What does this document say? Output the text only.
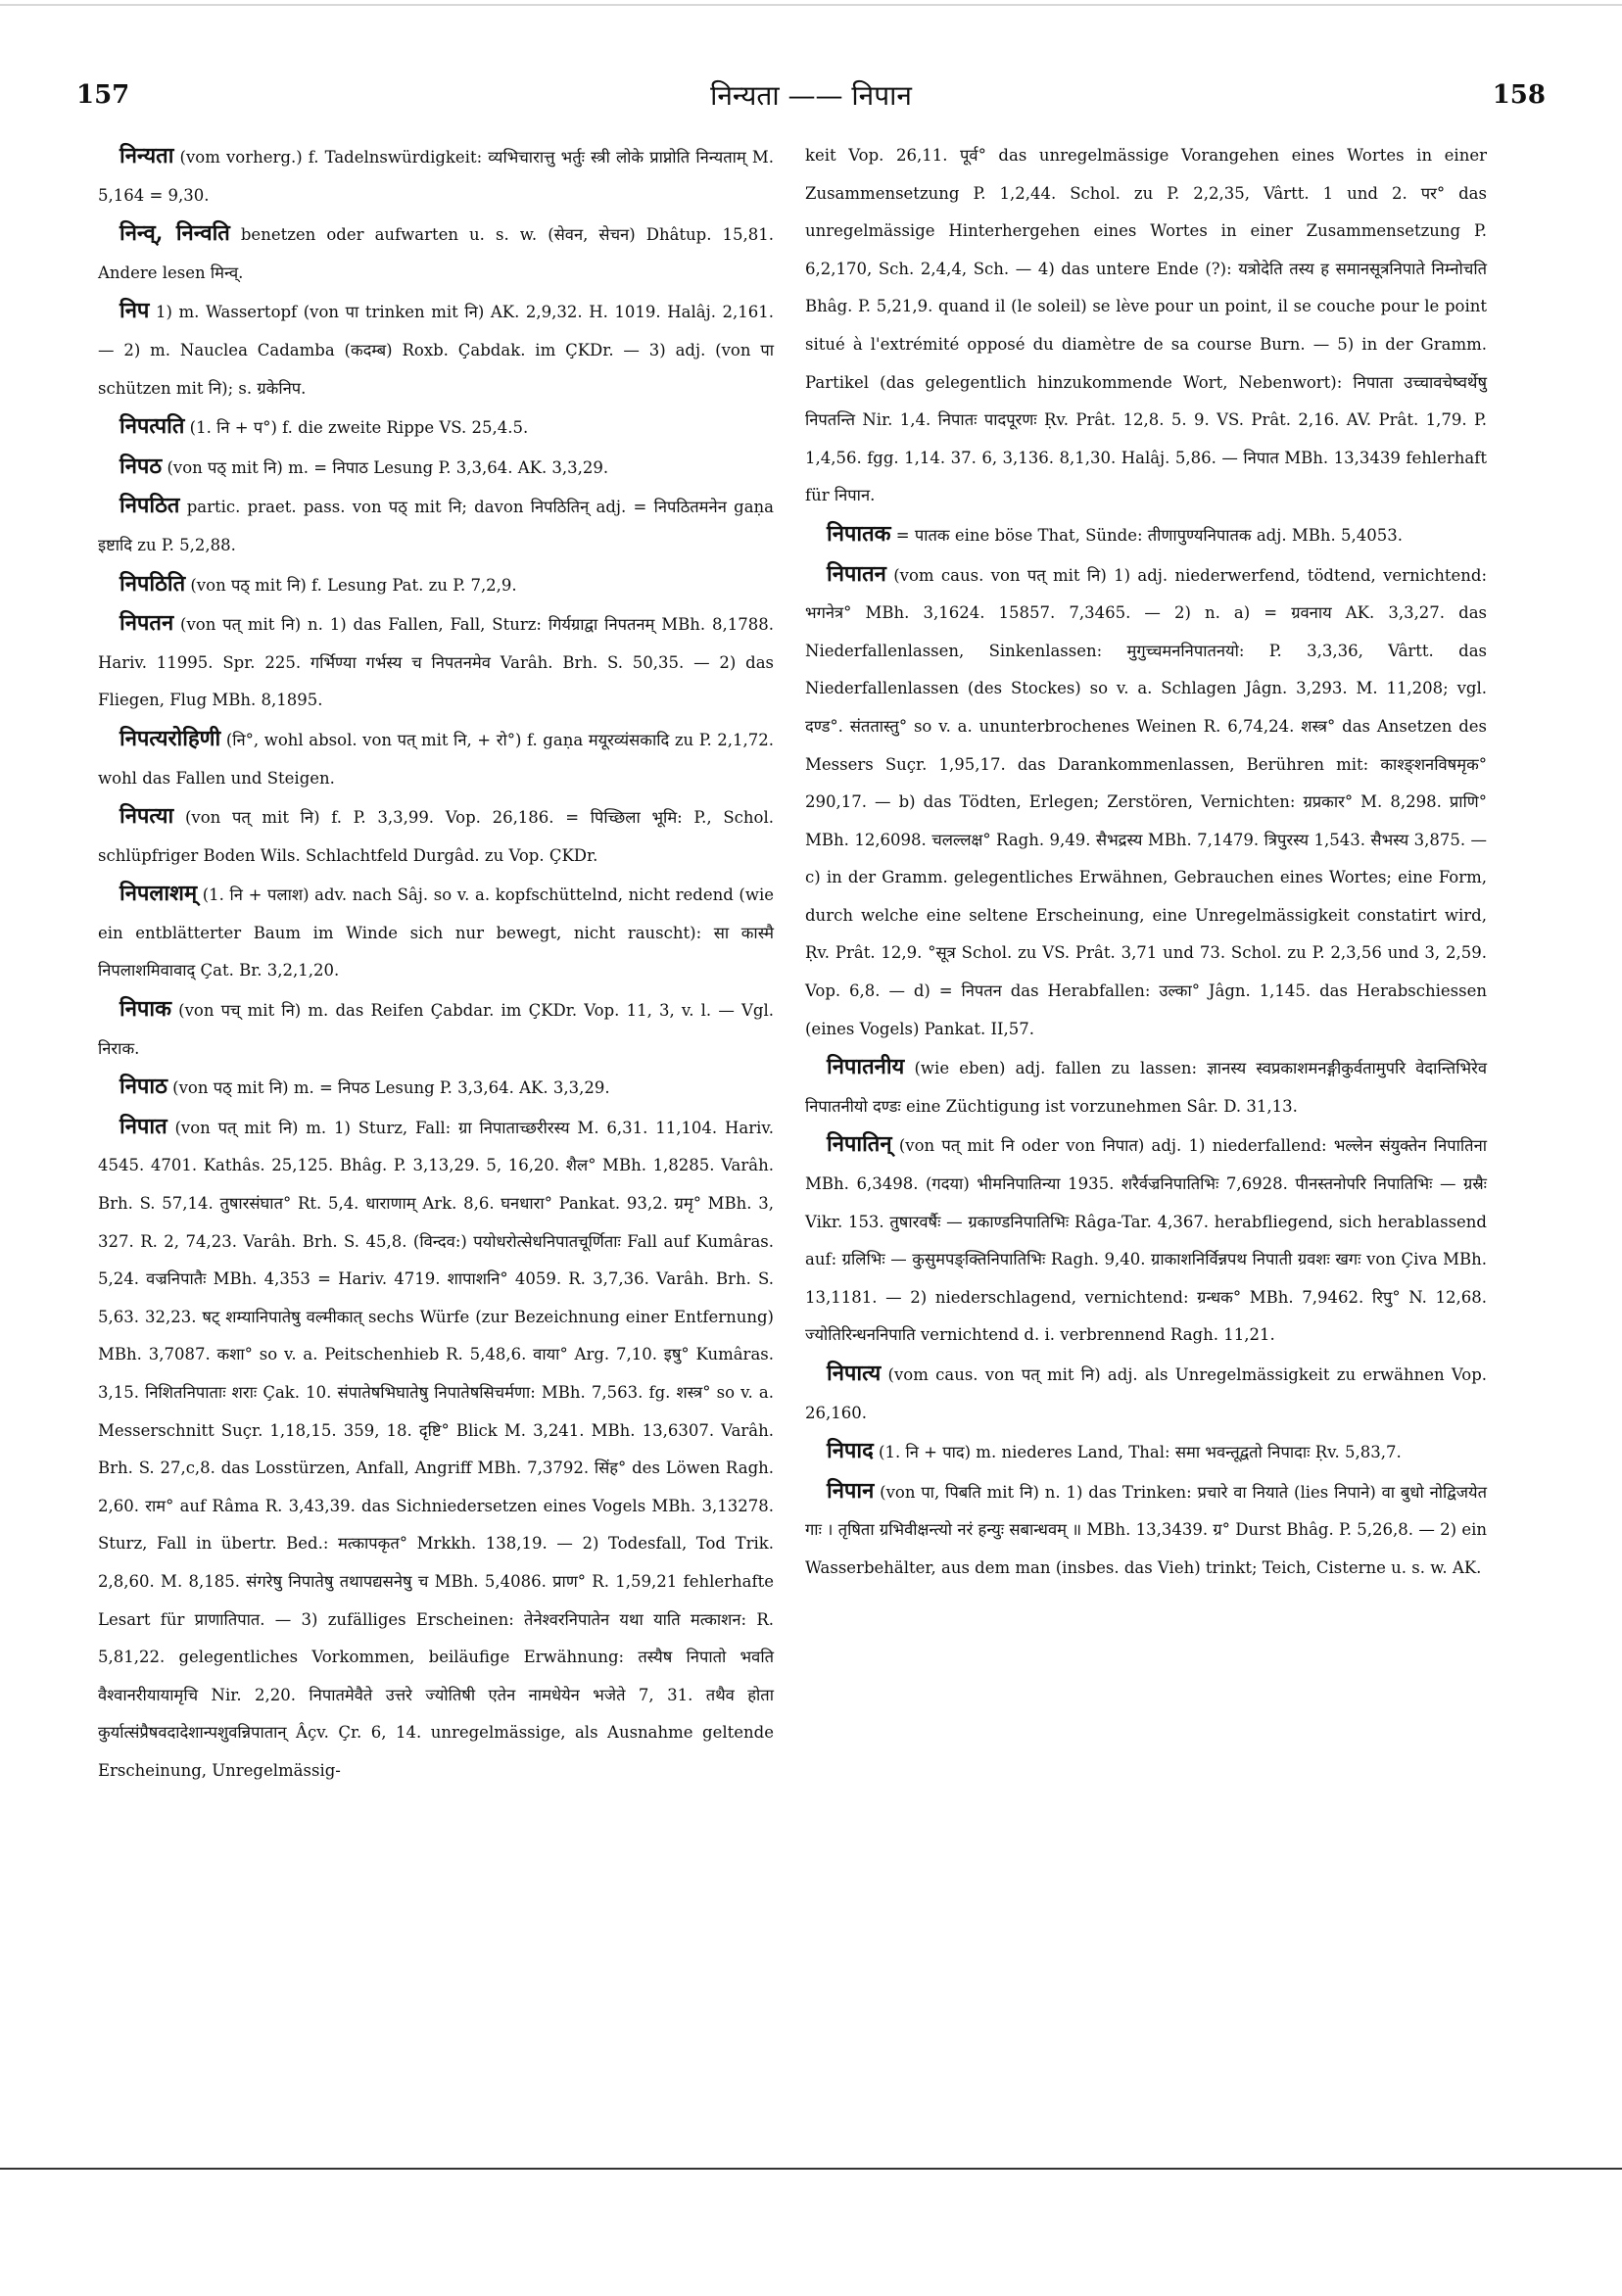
157	निन्यता —— निपान	158

निन्यता (vom vorherg.) f. Tadelnswürdigkeit: व्यभिचारात्तु भर्तुः स्त्री लोके प्राप्नोति निन्यताम् M. 5,164 = 9,30.

निन्व्, निन्वति benetzen oder aufwarten u. s. w. (सेवन, सेचन) Dhâtup. 15,81. Andere lesen मिन्व्.

निप 1) m. Wassertopf (von पा trinken mit नि) AK. 2,9,32. H. 1019. Halâj. 2,161. — 2) m. Nauclea Cadamba (कदम्ब) Roxb. Çabdak. im ÇKDr. — 3) adj. (von पा schützen mit नि); s. ग्रकेनिप.

निपत्पति (1. नि + प°) f. die zweite Rippe VS. 25,4.5.

निपठ (von पठ् mit नि) m. = निपाठ Lesung P. 3,3,64. AK. 3,3,29.

निपठित partic. praet. pass. von पठ् mit नि; davon निपठितिन् adj. = निपठितमनेन gaṇa इष्टादि zu P. 5,2,88.

निपठिति (von पठ् mit नि) f. Lesung Pat. zu P. 7,2,9.

निपतन (von पत् mit नि) n. 1) das Fallen, Fall, Sturz: गिर्यग्राद्वा निपतनम् MBh. 8,1788. Hariv. 11995. Spr. 225. गर्भिण्या गर्भस्य च निपतनमेव Varâh. Brh. S. 50,35. — 2) das Fliegen, Flug MBh. 8,1895.

निपत्यरोहिणी (नि°, wohl absol. von पत् mit नि, + रो°) f. gaṇa मयूरव्यंसकादि zu P. 2,1,72. wohl das Fallen und Steigen.

निपत्या (von पत् mit नि) f. P. 3,3,99. Vop. 26,186. = पिच्छिला भूमि: P., Schol. schlüpfriger Boden Wils. Schlachtfeld Durgâd. zu Vop. ÇKDr.

निपलाशम् (1. नि + पलाश) adv. nach Sâj. so v. a. kopfschüttelnd, nicht redend (wie ein entblätterter Baum im Winde sich nur bewegt, nicht rauscht): सा कास्मै निपलाशमिवावाद् Çat. Br. 3,2,1,20.

निपाक (von पच् mit नि) m. das Reifen Çabdar. im ÇKDr. Vop. 11, 3, v. l. — Vgl. निराक.

निपाठ (von पठ् mit नि) m. = निपठ Lesung P. 3,3,64. AK. 3,3,29.

निपात (von पत् mit नि) m. 1) Sturz, Fall: ग्रा निपाताच्छरीरस्य M. 6,31. 11,104. Hariv. 4545. 4701. Kathâs. 25,125. Bhâg. P. 3,13,29. 5, 16,20. शैल° MBh. 1,8285. Varâh. Brh. S. 57,14. तुषारसंघात° Rt. 5,4. धाराणाम् Ark. 8,6. घनधारा° Pankat. 93,2. ग्रमृ° MBh. 3, 327. R. 2, 74,23. Varâh. Brh. S. 45,8. (विन्दव:) पयोधरोत्सेधनिपातचूर्णिताः Fall auf Kumâras. 5,24. वज्रनिपातैः MBh. 4,353 = Hariv. 4719. शापाशनि° 4059. R. 3,7,36. Varâh. Brh. S. 5,63. 32,23. षट् शम्यानिपातेषु वल्मीकात् sechs Würfe (zur Bezeichnung einer Entfernung) MBh. 3,7087. कशा° so v. a. Peitschenhieb R. 5,48,6. वाया° Arg. 7,10. इषु° Kumâras. 3,15. निशितनिपाताः शराः Çak. 10. संपातेषभिघातेषु निपातेषसिचर्मणा: MBh. 7,563. fg. शस्त्र° so v. a. Messerschnitt Suçr. 1,18,15. 359, 18. दृष्टि° Blick M. 3,241. MBh. 13,6307. Varâh. Brh. S. 27,c,8. das Losstürzen, Anfall, Angriff MBh. 7,3792. सिंह° des Löwen Ragh. 2,60. राम° auf Râma R. 3,43,39. das Sichniedersetzen eines Vogels MBh. 3,13278. Sturz, Fall in übertr. Bed.: मत्कापकृत° Mrkkh. 138,19. — 2) Todesfall, Tod Trik. 2,8,60. M. 8,185. संगरेषु निपातेषु तथापद्यसनेषु च MBh. 5,4086. प्राण° R. 1,59,21 fehlerhafte Lesart für प्राणातिपात. — 3) zufälliges Erscheinen: तेनेश्वरनिपातेन यथा याति मत्काशन: R. 5,81,22. gelegentliches Vorkommen, beiläufige Erwähnung: तस्यैष निपातो भवति वैश्वानरीयायामृचि Nir. 2,20. निपातमेवैते उत्तरे ज्योतिषी एतेन नामधेयेन भजेते 7, 31. तथैव होता कुर्यात्संप्रैषवदादेशान्पशुवन्निपातान् Âçv. Çr. 6, 14. unregelmässige, als Ausnahme geltende Erscheinung, Unregelmässig-

keit Vop. 26,11. पूर्व° das unregelmässige Vorangehen eines Wortes in einer Zusammensetzung P. 1,2,44. Schol. zu P. 2,2,35, Vârtt. 1 und 2. पर° das unregelmässige Hinterhergehen eines Wortes in einer Zusammensetzung P. 6,2,170, Sch. 2,4,4, Sch. — 4) das untere Ende (?): यत्रोदेति तस्य ह समानसूत्रनिपाते निम्नोचति Bhâg. P. 5,21,9. quand il (le soleil) se lève pour un point, il se couche pour le point situé à l'extrémité opposé du diamètre de sa course Burn. — 5) in der Gramm. Partikel (das gelegentlich hinzukommende Wort, Nebenwort): निपाता उच्चावचेष्वर्थेषु निपतन्ति Nir. 1,4. निपातः पादपूरणः Ṛv. Prât. 12,8. 5. 9. VS. Prât. 2,16. AV. Prât. 1,79. P. 1,4,56. fgg. 1,14. 37. 6, 3,136. 8,1,30. Halâj. 5,86. — निपात MBh. 13,3439 fehlerhaft für निपान.

निपातक = पातक eine böse That, Sünde: तीणापुण्यनिपातक adj. MBh. 5,4053.

निपातन (vom caus. von पत् mit नि) 1) adj. niederwerfend, tödtend, vernichtend: भगनेत्र° MBh. 3,1624. 15857. 7,3465. — 2) n. a) = ग्रवनाय AK. 3,3,27. das Niederfallenlassen, Sinkenlassen: मुगुच्चमननिपातनयो: P. 3,3,36, Vârtt. das Niederfallenlassen (des Stockes) so v. a. Schlagen Jâgn. 3,293. M. 11,208; vgl. दण्ड°. संततास्तु° so v. a. ununterbrochenes Weinen R. 6,74,24. शस्त्र° das Ansetzen des Messers Suçr. 1,95,17. das Darankommenlassen, Berühren mit: काश्ङ्शनविषमृक° 290,17. — b) das Tödten, Erlegen; Zerstören, Vernichten: ग्रप्रकार° M. 8,298. प्राणि° MBh. 12,6098. चलल्लक्ष° Ragh. 9,49. सैभद्रस्य MBh. 7,1479. त्रिपुरस्य 1,543. सैभस्य 3,875. — c) in der Gramm. gelegentliches Erwähnen, Gebrauchen eines Wortes; eine Form, durch welche eine seltene Erscheinung, eine Unregelmässigkeit constatirt wird, Ṛv. Prât. 12,9. °सूत्र Schol. zu VS. Prât. 3,71 und 73. Schol. zu P. 2,3,56 und 3, 2,59. Vop. 6,8. — d) = निपतन das Herabfallen: उल्का° Jâgn. 1,145. das Herabschiessen (eines Vogels) Pankat. II,57.

निपातनीय (wie eben) adj. fallen zu lassen: ज्ञानस्य स्वप्रकाशमनङ्गीकुर्वतामुपरि वेदान्तिभिरेव निपातनीयो दण्डः eine Züchtigung ist vorzunehmen Sâr. D. 31,13.

निपातिन् (von पत् mit नि oder von निपात) adj. 1) niederfallend: भल्लेन संयुक्तेन निपातिना MBh. 6,3498. (गदया) भीमनिपातिन्या 1935. शरैर्वज्रनिपातिभिः 7,6928. पीनस्तनोपरि निपातिभिः — ग्रस्रैः Vikr. 153. तुषारवर्षैः — ग्रकाण्डनिपातिभिः Râga-Tar. 4,367. herabfliegend, sich herablassend auf: ग्रलिभिः — कुसुमपङ्क्तिनिपातिभिः Ragh. 9,40. ग्राकाशनिर्विन्नपथ निपाती ग्रवशः खगः von Çiva MBh. 13,1181. — 2) niederschlagend, vernichtend: ग्रन्धक° MBh. 7,9462. रिपु° N. 12,68. ज्योतिरिन्धननिपाति vernichtend d. i. verbrennend Ragh. 11,21.

निपात्य (vom caus. von पत् mit नि) adj. als Unregelmässigkeit zu erwähnen Vop. 26,160.

निपाद (1. नि + पाद) m. niederes Land, Thal: समा भवन्तूद्वतो निपादाः Ṛv. 5,83,7.

निपान (von पा, पिबति mit नि) n. 1) das Trinken: प्रचारे वा नियाते (lies निपाने) वा बुधो नोद्विजयेत गाः । तृषिता ग्रभिवीक्षन्त्यो नरं हन्युः सबान्धवम् ॥ MBh. 13,3439. ग्र° Durst Bhâg. P. 5,26,8. — 2) ein Wasserbehälter, aus dem man (insbes. das Vieh) trinkt; Teich, Cisterne u. s. w. AK.
